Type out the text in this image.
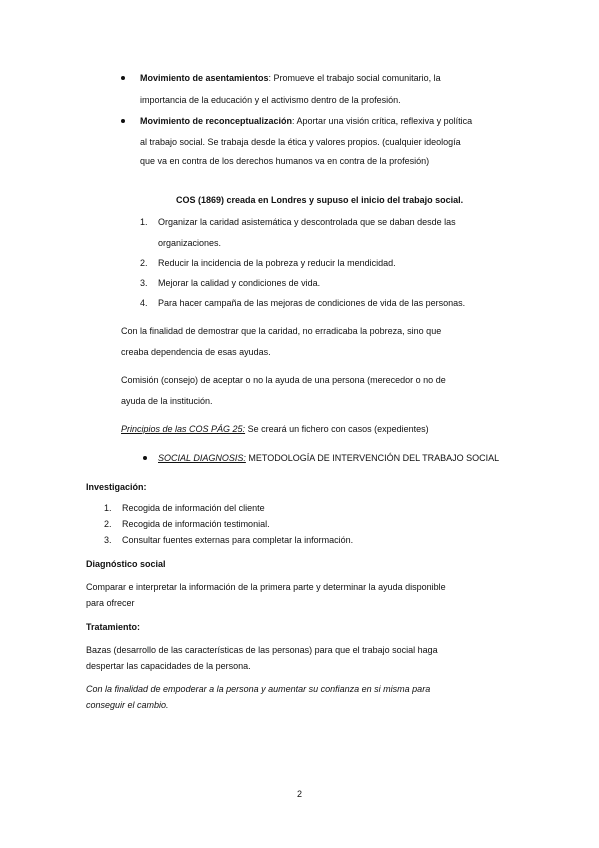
Movimiento de asentamientos: Promueve el trabajo social comunitario, la

importancia de la educación y el activismo dentro de la profesión.

Movimiento de reconceptualización: Aportar una visión crítica, reflexiva y política

al trabajo social. Se trabaja desde la ética y valores propios. (cualquier ideología

que va en contra de los derechos humanos va en contra de la profesión)

COS (1869) creada en Londres y supuso el inicio del trabajo social.

1. Organizar la caridad asistemática y descontrolada que se daban desde las

organizaciones.

2. Reducir la incidencia de la pobreza y reducir la mendicidad.

3. Mejorar la calidad y condiciones de vida.

4. Para hacer campaña de las mejoras de condiciones de vida de las personas.

Con la finalidad de demostrar que la caridad, no erradicaba la pobreza, sino que

creaba dependencia de esas ayudas.

Comisión (consejo) de aceptar o no la ayuda de una persona (merecedor o no de

ayuda de la institución.

Principios de las COS PÁG 25: Se creará un fichero con casos (expedientes)

SOCIAL DIAGNOSIS: METODOLOGÍA DE INTERVENCIÓN DEL TRABAJO SOCIAL

Investigación:

1. Recogida de información del cliente

2. Recogida de información testimonial.

3. Consultar fuentes externas para completar la información.

Diagnóstico social

Comparar e interpretar la información de la primera parte y determinar la ayuda disponible

para ofrecer

Tratamiento:

Bazas (desarrollo de las características de las personas) para que el trabajo social haga

despertar las capacidades de la persona.

Con la finalidad de empoderar a la persona y aumentar su confianza en si misma para

conseguir el cambio.

2
